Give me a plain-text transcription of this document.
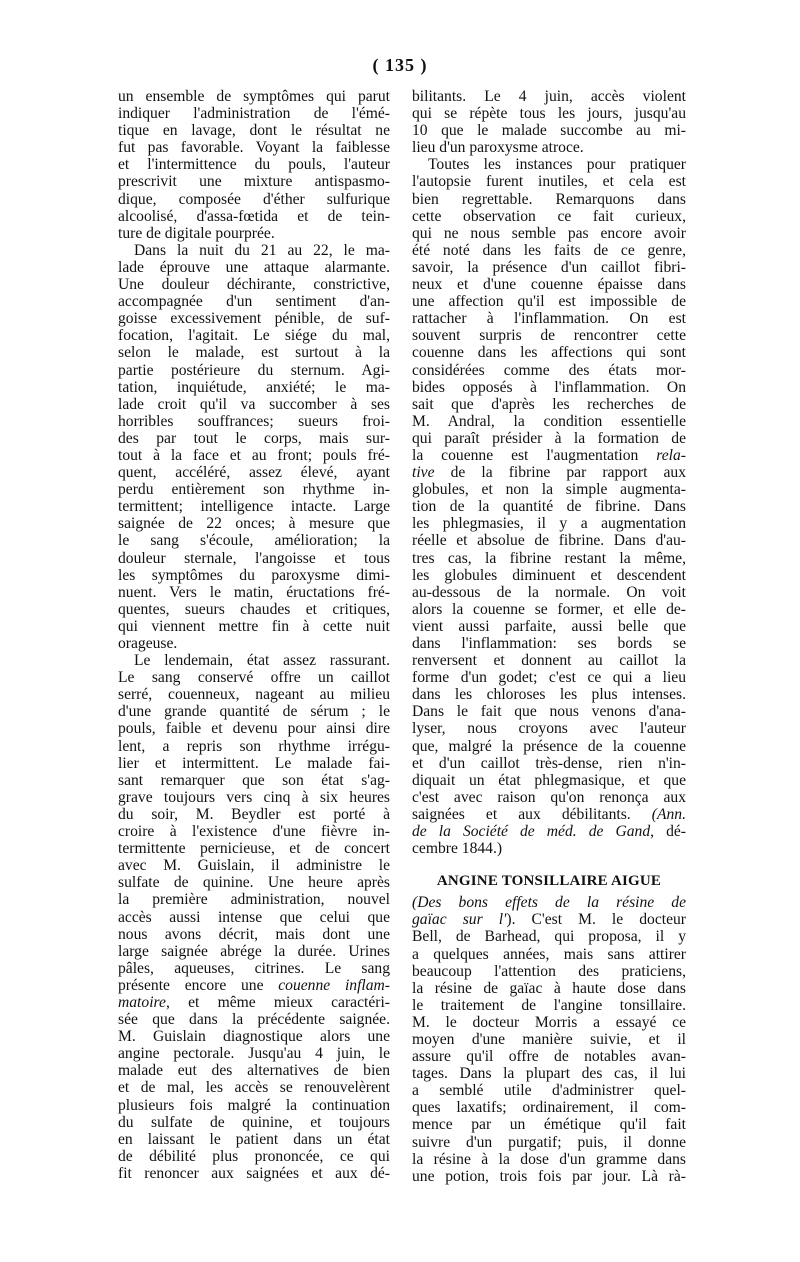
( 135 )
un ensemble de symptômes qui parut
indiquer l'administration de l'émé-
tique en lavage, dont le résultat ne
fut pas favorable. Voyant la faiblesse
et l'intermittence du pouls, l'auteur
prescrivit une mixture antispasmo-
dique, composée d'éther sulfurique
alcoolisé, d'assa-fœtida et de tein-
ture de digitale pourprée.
Dans la nuit du 21 au 22, le ma-
lade éprouve une attaque alarmante.
Une douleur déchirante, constrictive,
accompagnée d'un sentiment d'an-
goisse excessivement pénible, de suf-
focation, l'agitait. Le siége du mal,
selon le malade, est surtout à la
partie postérieure du sternum. Agi-
tation, inquiétude, anxiété; le ma-
lade croit qu'il va succomber à ses
horribles souffrances; sueurs froi-
des par tout le corps, mais sur-
tout à la face et au front; pouls fré-
quent, accéléré, assez élevé, ayant
perdu entièrement son rhythme in-
termittent; intelligence intacte. Large
saignée de 22 onces; à mesure que
le sang s'écoule, amélioration; la
douleur sternale, l'angoisse et tous
les symptômes du paroxysme dimi-
nuent. Vers le matin, éructations fré-
quentes, sueurs chaudes et critiques,
qui viennent mettre fin à cette nuit
orageuse.
Le lendemain, état assez rassurant.
Le sang conservé offre un caillot
serré, couenneux, nageant au milieu
d'une grande quantité de sérum ; le
pouls, faible et devenu pour ainsi dire
lent, a repris son rhythme irrégu-
lier et intermittent. Le malade fai-
sant remarquer que son état s'ag-
grave toujours vers cinq à six heures
du soir, M. Beydler est porté à
croire à l'existence d'une fièvre in-
termittente pernicieuse, et de concert
avec M. Guislain, il administre le
sulfate de quinine. Une heure après
la première administration, nouvel
accès aussi intense que celui que
nous avons décrit, mais dont une
large saignée abrége la durée. Urines
pâles, aqueuses, citrines. Le sang
présente encore une couenne inflam-
matoire, et même mieux caractéri-
sée que dans la précédente saignée.
M. Guislain diagnostique alors une
angine pectorale. Jusqu'au 4 juin, le
malade eut des alternatives de bien
et de mal, les accès se renouvelèrent
plusieurs fois malgré la continuation
du sulfate de quinine, et toujours
en laissant le patient dans un état
de débilité plus prononcée, ce qui
fit renoncer aux saignées et aux dé-
bilitants. Le 4 juin, accès violent
qui se répète tous les jours, jusqu'au
10 que le malade succombe au mi-
lieu d'un paroxysme atroce.
Toutes les instances pour pratiquer
l'autopsie furent inutiles, et cela est
bien regrettable. Remarquons dans
cette observation ce fait curieux,
qui ne nous semble pas encore avoir
été noté dans les faits de ce genre,
savoir, la présence d'un caillot fibri-
neux et d'une couenne épaisse dans
une affection qu'il est impossible de
rattacher à l'inflammation. On est
souvent surpris de rencontrer cette
couenne dans les affections qui sont
considérées comme des états mor-
bides opposés à l'inflammation. On
sait que d'après les recherches de
M. Andral, la condition essentielle
qui paraît présider à la formation de
la couenne est l'augmentation rela-
tive de la fibrine par rapport aux
globules, et non la simple augmenta-
tion de la quantité de fibrine. Dans
les phlegmasies, il y a augmentation
réelle et absolue de fibrine. Dans d'au-
tres cas, la fibrine restant la même,
les globules diminuent et descendent
au-dessous de la normale. On voit
alors la couenne se former, et elle de-
vient aussi parfaite, aussi belle que
dans l'inflammation: ses bords se
renversent et donnent au caillot la
forme d'un godet; c'est ce qui a lieu
dans les chloroses les plus intenses.
Dans le fait que nous venons d'ana-
lyser, nous croyons avec l'auteur
que, malgré la présence de la couenne
et d'un caillot très-dense, rien n'in-
diquait un état phlegmasique, et que
c'est avec raison qu'on renonça aux
saignées et aux débilitants. (Ann.
de la Société de méd. de Gand, dé-
cembre 1844.)
ANGINE TONSILLAIRE AIGUE
(Des bons effets de la résine de
gaïac sur l'). C'est M. le docteur
Bell, de Barhead, qui proposa, il y
a quelques années, mais sans attirer
beaucoup l'attention des praticiens,
la résine de gaïac à haute dose dans
le traitement de l'angine tonsillaire.
M. le docteur Morris a essayé ce
moyen d'une manière suivie, et il
assure qu'il offre de notables avan-
tages. Dans la plupart des cas, il lui
a semblé utile d'administrer quel-
ques laxatifs; ordinairement, il com-
mence par un émétique qu'il fait
suivre d'un purgatif; puis, il donne
la résine à la dose d'un gramme dans
une potion, trois fois par jour. Là rà-
